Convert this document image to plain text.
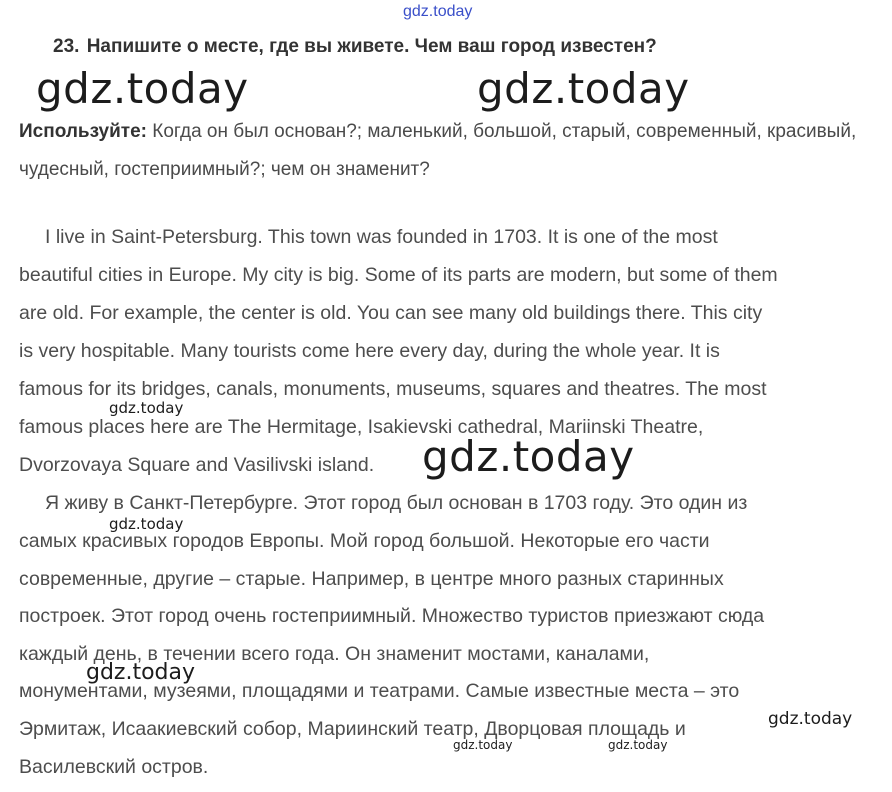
gdz.today
23. Напишите о месте, где вы живете. Чем ваш город известен?
gdz.today	gdz.today
Используйте: Когда он был основан?; маленький, большой, старый, современный, красивый, чудесный, гостеприимный?; чем он знаменит?
I live in Saint-Petersburg. This town was founded in 1703. It is one of the most
beautiful cities in Europe. My city is big. Some of its parts are modern, but some of them
are old. For example, the center is old. You can see many old buildings there. This city
is very hospitable. Many tourists come here every day, during the whole year. It is
famous for its bridges, canals, monuments, museums, squares and theatres. The most
famous places here are The Hermitage, Isakievski cathedral, Mariinski Theatre,
Dvorzovaya Square and Vasilivski island.
Я живу в Санкт-Петербурге. Этот город был основан в 1703 году. Это один из
самых красивых городов Европы. Мой город большой. Некоторые его части
современные, другие – старые. Например, в центре много разных старинных
построек. Этот город очень гостеприимный. Множество туристов приезжают сюда
каждый день, в течении всего года. Он знаменит мостами, каналами,
монументами, музеями, площадями и театрами. Самые известные места – это
Эрмитаж, Исаакиевский собор, Мариинский театр, Дворцовая площадь и
Василевский остров.
gdz.today
gdz.today
gdz.today
gdz.today
gdz.today
gdz.today	gdz.today
